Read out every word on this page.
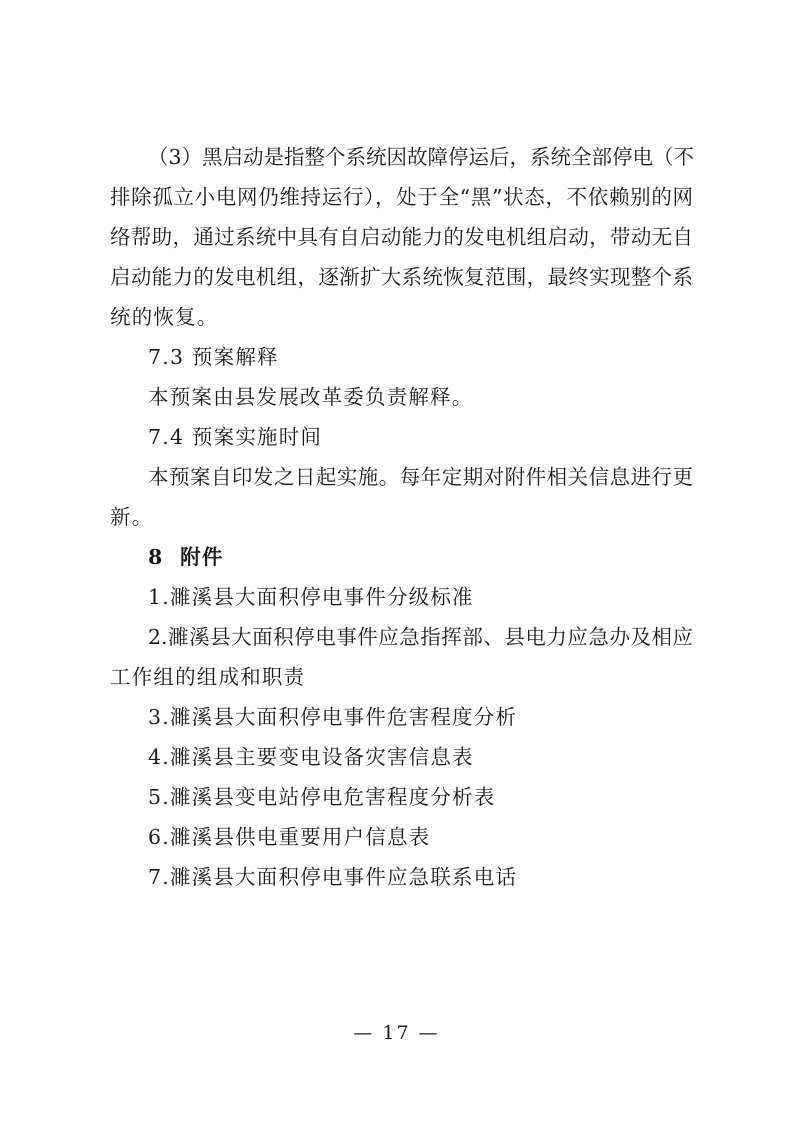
（3）黑启动是指整个系统因故障停运后，系统全部停电（不
排除孤立小电网仍维持运行），处于全“黑”状态，不依赖别的网
络帮助，通过系统中具有自启动能力的发电机组启动，带动无自
启动能力的发电机组，逐渐扩大系统恢复范围，最终实现整个系
统的恢复。
7.3 预案解释
本预案由县发展改革委负责解释。
7.4 预案实施时间
本预案自印发之日起实施。每年定期对附件相关信息进行更
新。
8  附件
1.濉溪县大面积停电事件分级标准
2.濉溪县大面积停电事件应急指挥部、县电力应急办及相应
工作组的组成和职责
3.濉溪县大面积停电事件危害程度分析
4.濉溪县主要变电设备灾害信息表
5.濉溪县变电站停电危害程度分析表
6.濉溪县供电重要用户信息表
7.濉溪县大面积停电事件应急联系电话
— 17 —
